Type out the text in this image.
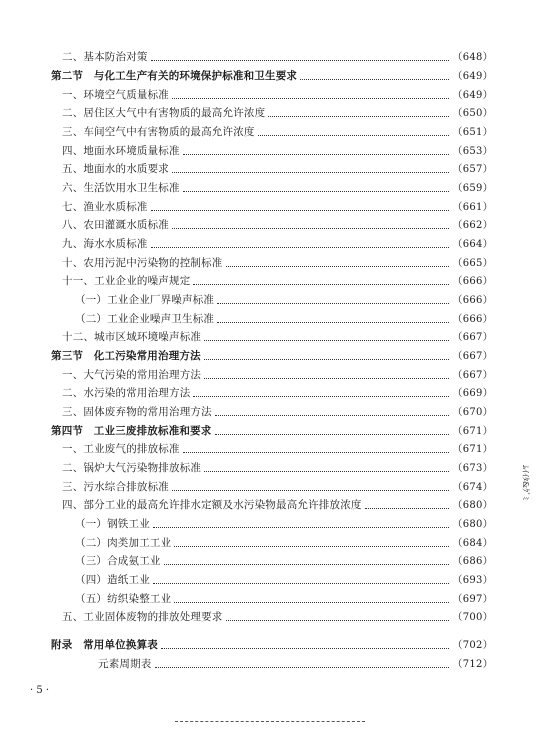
二、基本防治对策	（648）
第二节　与化工生产有关的环境保护标准和卫生要求	（649）
一、环境空气质量标准	（649）
二、居住区大气中有害物质的最高允许浓度	（650）
三、车间空气中有害物质的最高允许浓度	（651）
四、地面水环境质量标准	（653）
五、地面水的水质要求	（657）
六、生活饮用水卫生标准	（659）
七、渔业水质标准	（661）
八、农田灌溉水质标准	（662）
九、海水水质标准	（664）
十、农用污泥中污染物的控制标准	（665）
十一、工业企业的噪声规定	（666）
（一）工业企业厂界噪声标准	（666）
（二）工业企业噪声卫生标准	（666）
十二、城市区域环境噪声标准	（667）
第三节　化工污染常用治理方法	（667）
一、大气污染的常用治理方法	（667）
二、水污染的常用治理方法	（669）
三、固体废弃物的常用治理方法	（670）
第四节　工业三废排放标准和要求	（671）
一、工业废气的排放标准	（671）
二、锅炉大气污染物排放标准	（673）
三、污水综合排放标准	（674）
四、部分工业的最高允许排水定额及水污染物最高允许排放浓度	（680）
（一）钢铁工业	（680）
（二）肉类加工工业	（684）
（三）合成氨工业	（686）
（四）造纸工业	（693）
（五）纺织染整工业	（697）
五、工业固体废物的排放处理要求	（700）
附录　常用单位换算表	（702）
元素周期表	（712）
· 5 ·
ﾑｲｲﾀ&ｸﾞﾐ
